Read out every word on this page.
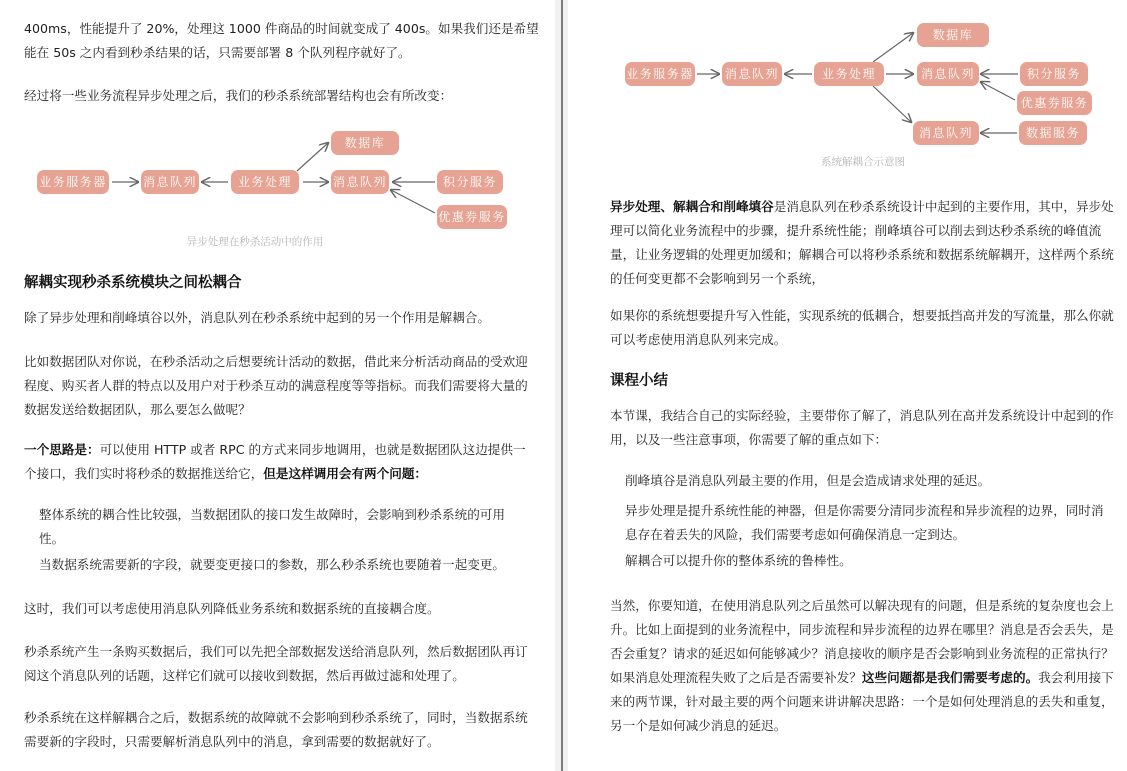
400ms，性能提升了 20%，处理这 1000 件商品的时间就变成了 400s。如果我们还是希望
能在 50s 之内看到秒杀结果的话，只需要部署 8 个队列程序就好了。
经过将一些业务流程异步处理之后，我们的秒杀系统部署结构也会有所改变：
业务服务器	消息队列	业务处理
数据库
消息队列	积分服务
优惠券服务
异步处理在秒杀活动中的作用
解耦实现秒杀系统模块之间松耦合
除了异步处理和削峰填谷以外，消息队列在秒杀系统中起到的另一个作用是解耦合。
比如数据团队对你说，在秒杀活动之后想要统计活动的数据，借此来分析活动商品的受欢迎
程度、购买者人群的特点以及用户对于秒杀互动的满意程度等等指标。而我们需要将大量的
数据发送给数据团队，那么要怎么做呢？
一个思路是：可以使用 HTTP 或者 RPC 的方式来同步地调用，也就是数据团队这边提供一
个接口，我们实时将秒杀的数据推送给它，但是这样调用会有两个问题：
整体系统的耦合性比较强，当数据团队的接口发生故障时，会影响到秒杀系统的可用
性。
当数据系统需要新的字段，就要变更接口的参数，那么秒杀系统也要随着一起变更。
这时，我们可以考虑使用消息队列降低业务系统和数据系统的直接耦合度。
秒杀系统产生一条购买数据后，我们可以先把全部数据发送给消息队列，然后数据团队再订
阅这个消息队列的话题，这样它们就可以接收到数据，然后再做过滤和处理了。
秒杀系统在这样解耦合之后，数据系统的故障就不会影响到秒杀系统了，同时，当数据系统
需要新的字段时，只需要解析消息队列中的消息，拿到需要的数据就好了。
业务服务器	消息队列	业务处理
数据库
消息队列	积分服务
优惠券服务
消息队列	数据服务
系统解耦合示意图
异步处理、解耦合和削峰填谷是消息队列在秒杀系统设计中起到的主要作用，其中，异步处
理可以简化业务流程中的步骤，提升系统性能；削峰填谷可以削去到达秒杀系统的峰值流
量，让业务逻辑的处理更加缓和；解耦合可以将秒杀系统和数据系统解耦开，这样两个系统
的任何变更都不会影响到另一个系统，
如果你的系统想要提升写入性能，实现系统的低耦合，想要抵挡高并发的写流量，那么你就
可以考虑使用消息队列来完成。
课程小结
本节课，我结合自己的实际经验，主要带你了解了，消息队列在高并发系统设计中起到的作
用，以及一些注意事项，你需要了解的重点如下：
削峰填谷是消息队列最主要的作用，但是会造成请求处理的延迟。
异步处理是提升系统性能的神器，但是你需要分清同步流程和异步流程的边界，同时消
息存在着丢失的风险，我们需要考虑如何确保消息一定到达。
解耦合可以提升你的整体系统的鲁棒性。
当然，你要知道，在使用消息队列之后虽然可以解决现有的问题，但是系统的复杂度也会上
升。比如上面提到的业务流程中，同步流程和异步流程的边界在哪里？消息是否会丢失，是
否会重复？请求的延迟如何能够减少？消息接收的顺序是否会影响到业务流程的正常执行？
如果消息处理流程失败了之后是否需要补发？这些问题都是我们需要考虑的。我会利用接下
来的两节课，针对最主要的两个问题来讲讲解决思路：一个是如何处理消息的丢失和重复，
另一个是如何减少消息的延迟。
